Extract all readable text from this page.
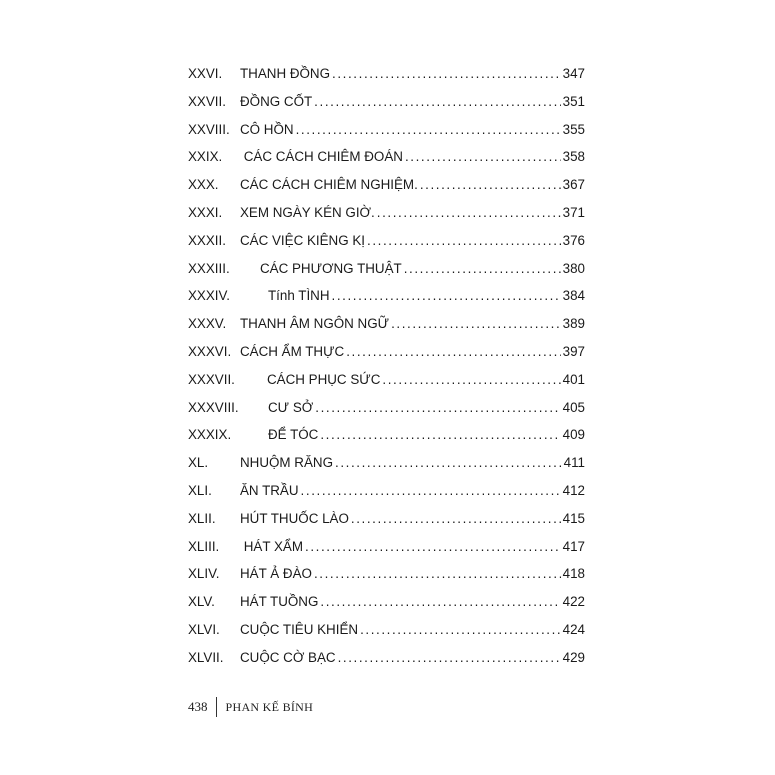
XXVI. THANH ĐỒNG .....	347
XXVII. ĐỒNG CỐT .....	351
XXVIII. CÔ HỒN .....	355
XXIX. CÁC CÁCH CHIÊM ĐOÁN .....	358
XXX. CÁC CÁCH CHIÊM NGHIỆM. .....	367
XXXI. XEM NGÀY KÉN GIỜ. .....	371
XXXII. CÁC VIỆC KIÊNG KỊ .....	376
XXXIII. CÁC PHƯƠNG THUẬT .....	380
XXXIV.	Tính TÌNH .....	384
XXXV. THANH ÂM NGÔN NGỮ .....	389
XXXVI. CÁCH ẨM THỰC .....	397
XXXVII. CÁCH PHỤC SỨC .....	401
XXXVIII. CƯ SỞ .....	405
XXXIX.	ĐỂ TÓC .....	409
XL. NHUỘM RĂNG .....	411
XLI. ĂN TRẦU .....	412
XLII. HÚT THUỐC LÀO .....	415
XLIII. HÁT XẨM .....	417
XLIV. HÁT Ả ĐÀO .....	418
XLV. HÁT TUỒNG .....	422
XLVI. CUỘC TIÊU KHIỂN .....	424
XLVII. CUỘC CỜ BẠC .....	429
438 PHAN KẾ BÍNH
